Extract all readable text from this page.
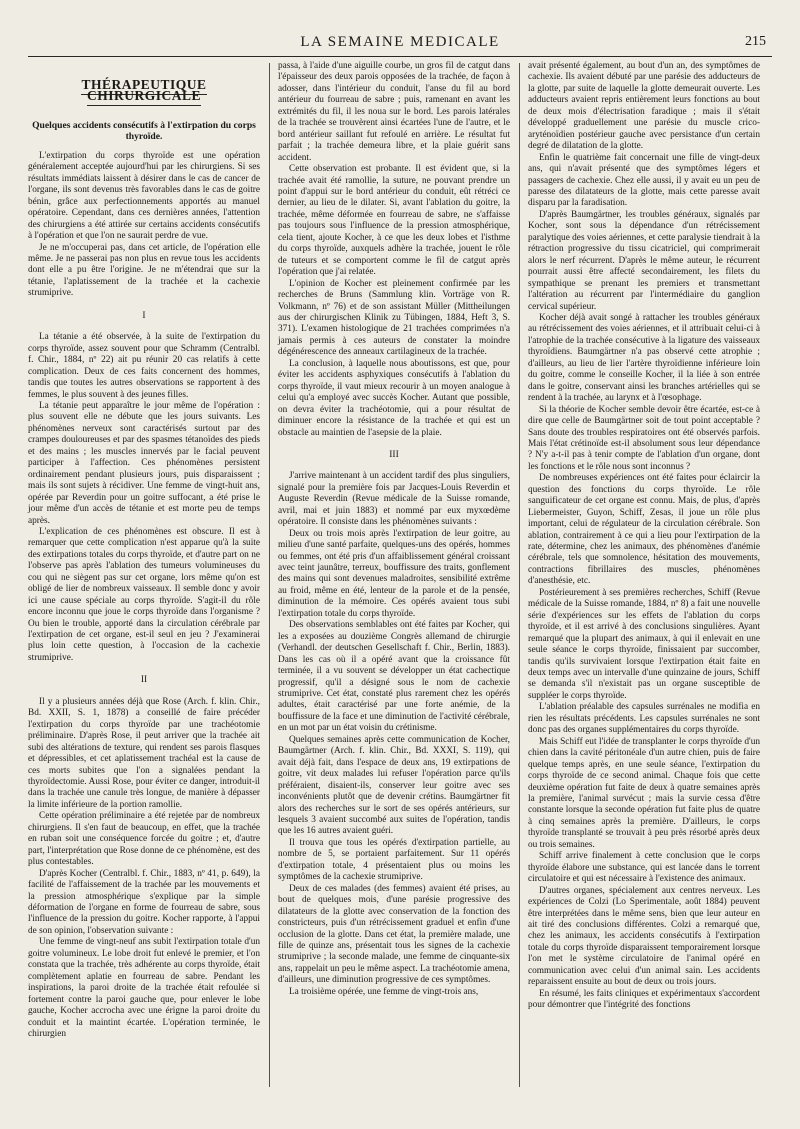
LA SEMAINE MEDICALE	215
THÉRAPEUTIQUE CHIRURGICALE
Quelques accidents consécutifs à l'extirpation du corps thyroïde.

L'extirpation du corps thyroïde est une opération généralement acceptée aujourd'hui par les chirurgiens. Si ses résultats immédiats laissent à désirer dans le cas de cancer de l'organe, ils sont devenus très favorables dans le cas de goitre bénin, grâce aux perfectionnements apportés au manuel opératoire. Cependant, dans ces dernières années, l'attention des chirurgiens a été attirée sur certains accidents consécutifs à l'opération et que l'on ne saurait perdre de vue.

Je ne m'occuperai pas, dans cet article, de l'opération elle même. Je ne passerai pas non plus en revue tous les accidents dont elle a pu être l'origine. Je ne m'étendrai que sur la tétanie, l'aplatissement de la trachée et la cachexie strumiprive.

I

La tétanie a été observée, à la suite de l'extirpation du corps thyroïde, assez souvent pour que Schramm (Centralbl. f. Chir., 1884, nº 22) ait pu réunir 20 cas relatifs à cette complication. Deux de ces faits concernent des hommes, tandis que toutes les autres observations se rapportent à des femmes, le plus souvent à des jeunes filles.

La tétanie peut apparaître le jour même de l'opération : plus souvent elle ne débute que les jours suivants. Les phénomènes nerveux sont caractérisés surtout par des crampes douloureuses et par des spasmes tétanoïdes des pieds et des mains ; les muscles innervés par le facial peuvent participer à l'affection. Ces phénomènes persistent ordinairement pendant plusieurs jours, puis disparaissent ; mais ils sont sujets à récidiver. Une femme de vingt-huit ans, opérée par Reverdin pour un goitre suffocant, a été prise le jour même d'un accès de tétanie et est morte peu de temps après.

L'explication de ces phénomènes est obscure. Il est à remarquer que cette complication n'est apparue qu'à la suite des extirpations totales du corps thyroïde, et d'autre part on ne l'observe pas après l'ablation des tumeurs volumineuses du cou qui ne siègent pas sur cet organe, lors même qu'on est obligé de lier de nombreux vaisseaux. Il semble donc y avoir ici une cause spéciale au corps thyroïde. S'agit-il du rôle encore inconnu que joue le corps thyroïde dans l'organisme ? Ou bien le trouble, apporté dans la circulation cérébrale par l'extirpation de cet organe, est-il seul en jeu ? J'examinerai plus loin cette question, à l'occasion de la cachexie strumiprive.

II

Il y a plusieurs années déjà que Rose (Arch. f. klin. Chir., Bd. XXII, S. 1, 1878) a conseillé de faire précéder l'extirpation du corps thyroïde par une trachéotomie préliminaire. D'après Rose, il peut arriver que la trachée ait subi des altérations de texture, qui rendent ses parois flasques et dépressibles, et cet aplatissement trachéal est la cause de ces morts subites que l'on a signalées pendant la thyroïdectomie. Aussi Rose, pour éviter ce danger, introduit-il dans la trachée une canule très longue, de manière à dépasser la limite inférieure de la portion ramollie.

Cette opération préliminaire a été rejetée par de nombreux chirurgiens. Il s'en faut de beaucoup, en effet, que la trachée en ruban soit une conséquence forcée du goitre ; et, d'autre part, l'interprétation que Rose donne de ce phénomène, est des plus contestables.

D'après Kocher (Centralbl. f. Chir., 1883, nº 41, p. 649), la facilité de l'affaissement de la trachée par les mouvements et la pression atmosphérique s'explique par la simple déformation de l'organe en forme de fourreau de sabre, sous l'influence de la pression du goitre. Kocher rapporte, à l'appui de son opinion, l'observation suivante :

Une femme de vingt-neuf ans subit l'extirpation totale d'un goitre volumineux. Le lobe droit fut enlevé le premier, et l'on constata que la trachée, très adhérente au corps thyroïde, était complètement aplatie en fourreau de sabre. Pendant les inspirations, la paroi droite de la trachée était refoulée si fortement contre la paroi gauche que, pour enlever le lobe gauche, Kocher accrocha avec une érigne la paroi droite du conduit et la maintint écartée. L'opération terminée, le chirurgien

passa, à l'aide d'une aiguille courbe, un gros fil de catgut dans l'épaisseur des deux parois opposées de la trachée, de façon à adosser, dans l'intérieur du conduit, l'anse du fil au bord antérieur du fourreau de sabre ; puis, ramenant en avant les extrémités du fil, il les noua sur le bord. Les parois latérales de la trachée se trouvèrent ainsi écartées l'une de l'autre, et le bord antérieur saillant fut refoulé en arrière. Le résultat fut parfait ; la trachée demeura libre, et la plaie guérit sans accident.

Cette observation est probante. Il est évident que, si la trachée avait été ramollie, la suture, ne pouvant prendre un point d'appui sur le bord antérieur du conduit, eût rétréci ce dernier, au lieu de le dilater. Si, avant l'ablation du goitre, la trachée, même déformée en fourreau de sabre, ne s'affaisse pas toujours sous l'influence de la pression atmosphérique, cela tient, ajoute Kocher, à ce que les deux lobes et l'isthme du corps thyroïde, auxquels adhère la trachée, jouent le rôle de tuteurs et se comportent comme le fil de catgut après l'opération que j'ai relatée.

L'opinion de Kocher est pleinement confirmée par les recherches de Bruns (Sammlung klin. Vorträge von R. Volkmann, nº 76) et de son assistant Müller (Mittheilungen aus der chirurgischen Klinik zu Tübingen, 1884, Heft 3, S. 371). L'examen histologique de 21 trachées comprimées n'a jamais permis à ces auteurs de constater la moindre dégénérescence des anneaux cartilagineux de la trachée.

La conclusion, à laquelle nous aboutissons, est que, pour éviter les accidents asphyxiques consécutifs à l'ablation du corps thyroïde, il vaut mieux recourir à un moyen analogue à celui qu'a employé avec succès Kocher. Autant que possible, on devra éviter la trachéotomie, qui a pour résultat de diminuer encore la résistance de la trachée et qui est un obstacle au maintien de l'asepsie de la plaie.

III

J'arrive maintenant à un accident tardif des plus singuliers, signalé pour la première fois par Jacques-Louis Reverdin et Auguste Reverdin (Revue médicale de la Suisse romande, avril, mai et juin 1883) et nommé par eux myxœdème opératoire. Il consiste dans les phénomènes suivants :

Deux ou trois mois après l'extirpation de leur goitre, au milieu d'une santé parfaite, quelques-uns des opérés, hommes ou femmes, ont été pris d'un affaiblissement général croissant avec teint jaunâtre, terreux, bouffissure des traits, gonflement des mains qui sont devenues maladroites, sensibilité extrême au froid, même en été, lenteur de la parole et de la pensée, diminution de la mémoire. Ces opérés avaient tous subi l'extirpation totale du corps thyroïde.

Des observations semblables ont été faites par Kocher, qui les a exposées au douzième Congrès allemand de chirurgie (Verhandl. der deutschen Gesellschaft f. Chir., Berlin, 1883). Dans les cas où il a opéré avant que la croissance fût terminée, il a vu souvent se développer un état cachectique progressif, qu'il a désigné sous le nom de cachexie strumiprive. Cet état, constaté plus rarement chez les opérés adultes, était caractérisé par une forte anémie, de la bouffissure de la face et une diminution de l'activité cérébrale, en un mot par un état voisin du crétinisme.

Quelques semaines après cette communication de Kocher, Baumgärtner (Arch. f. klin. Chir., Bd. XXXI, S. 119), qui avait déjà fait, dans l'espace de deux ans, 19 extirpations de goitre, vit deux malades lui refuser l'opération parce qu'ils préféraient, disaient-ils, conserver leur goitre avec ses inconvénients plutôt que de devenir crétins. Baumgärtner fit alors des recherches sur le sort de ses opérés antérieurs, sur lesquels 3 avaient succombé aux suites de l'opération, tandis que les 16 autres avaient guéri.

Il trouva que tous les opérés d'extirpation partielle, au nombre de 5, se portaient parfaitement. Sur 11 opérés d'extirpation totale, 4 présentaient plus ou moins les symptômes de la cachexie strumiprive.

Deux de ces malades (des femmes) avaient été prises, au bout de quelques mois, d'une parésie progressive des dilatateurs de la glotte avec conservation de la fonction des constricteurs, puis d'un rétrécissement graduel et enfin d'une occlusion de la glotte. Dans cet état, la première malade, une fille de quinze ans, présentait tous les signes de la cachexie strumiprive ; la seconde malade, une femme de cinquante-six ans, rappelait un peu le même aspect. La trachéotomie amena, d'ailleurs, une diminution progressive de ces symptômes.

La troisième opérée, une femme de vingt-trois ans,

avait présenté également, au bout d'un an, des symptômes de cachexie. Ils avaient débuté par une parésie des adducteurs de la glotte, par suite de laquelle la glotte demeurait ouverte. Les adducteurs avaient repris entièrement leurs fonctions au bout de deux mois d'électrisation faradique ; mais il s'était développé graduellement une parésie du muscle crico-aryténoïdien postérieur gauche avec persistance d'un certain degré de dilatation de la glotte.

Enfin le quatrième fait concernait une fille de vingt-deux ans, qui n'avait présenté que des symptômes légers et passagers de cachexie. Chez elle aussi, il y avait eu un peu de paresse des dilatateurs de la glotte, mais cette paresse avait disparu par la faradisation.

D'après Baumgärtner, les troubles généraux, signalés par Kocher, sont sous la dépendance d'un rétrécissement paralytique des voies aériennes, et cette paralysie tiendrait à la rétraction progressive du tissu cicatriciel, qui comprimerait alors le nerf récurrent. D'après le même auteur, le récurrent pourrait aussi être affecté secondairement, les filets du sympathique se prenant les premiers et transmettant l'altération au récurrent par l'intermédiaire du ganglion cervical supérieur.

Kocher déjà avait songé à rattacher les troubles généraux au rétrécissement des voies aériennes, et il attribuait celui-ci à l'atrophie de la trachée consécutive à la ligature des vaisseaux thyroïdiens. Baumgärtner n'a pas observé cette atrophie ; d'ailleurs, au lieu de lier l'artère thyroïdienne inférieure loin du goitre, comme le conseille Kocher, il la liée à son entrée dans le goitre, conservant ainsi les branches artérielles qui se rendent à la trachée, au larynx et à l'œsophage.

Si la théorie de Kocher semble devoir être écartée, est-ce à dire que celle de Baumgärtner soit de tout point acceptable ? Sans doute des troubles respiratoires ont été observés parfois. Mais l'état crétinoïde est-il absolument sous leur dépendance ? N'y a-t-il pas à tenir compte de l'ablation d'un organe, dont les fonctions et le rôle nous sont inconnus ?

De nombreuses expériences ont été faites pour éclaircir la question des fonctions du corps thyroïde. Le rôle sanguificateur de cet organe est connu. Mais, de plus, d'après Liebermeister, Guyon, Schiff, Zesas, il joue un rôle plus important, celui de régulateur de la circulation cérébrale. Son ablation, contrairement à ce qui a lieu pour l'extirpation de la rate, détermine, chez les animaux, des phénomènes d'anémie cérébrale, tels que somnolence, hésitation des mouvements, contractions fibrillaires des muscles, phénomènes d'anesthésie, etc.

Postérieurement à ses premières recherches, Schiff (Revue médicale de la Suisse romande, 1884, nº 8) a fait une nouvelle série d'expériences sur les effets de l'ablation du corps thyroïde, et il est arrivé à des conclusions singulières. Ayant remarqué que la plupart des animaux, à qui il enlevait en une seule séance le corps thyroïde, finissaient par succomber, tandis qu'ils survivaient lorsque l'extirpation était faite en deux temps avec un intervalle d'une quinzaine de jours, Schiff se demanda s'il n'existait pas un organe susceptible de suppléer le corps thyroïde.

L'ablation préalable des capsules surrénales ne modifia en rien les résultats précédents. Les capsules surrénales ne sont donc pas des organes supplémentaires du corps thyroïde.

Mais Schiff eut l'idée de transplanter le corps thyroïde d'un chien dans la cavité péritonéale d'un autre chien, puis de faire quelque temps après, en une seule séance, l'extirpation du corps thyroïde de ce second animal. Chaque fois que cette deuxième opération fut faite de deux à quatre semaines après la première, l'animal survécut ; mais la survie cessa d'être constante lorsque la seconde opération fut faite plus de quatre à cinq semaines après la première. D'ailleurs, le corps thyroïde transplanté se trouvait à peu près résorbé après deux ou trois semaines.

Schiff arrive finalement à cette conclusion que le corps thyroïde élabore une substance, qui est lancée dans le torrent circulatoire et qui est nécessaire à l'existence des animaux.

D'autres organes, spécialement aux centres nerveux. Les expériences de Colzi (Lo Sperimentale, août 1884) peuvent être interprétées dans le même sens, bien que leur auteur en ait tiré des conclusions différentes. Colzi a remarqué que, chez les animaux, les accidents consécutifs à l'extirpation totale du corps thyroïde disparaissent temporairement lorsque l'on met le système circulatoire de l'animal opéré en communication avec celui d'un animal sain. Les accidents reparaissent ensuite au bout de deux ou trois jours.

En résumé, les faits cliniques et expérimentaux s'accordent pour démontrer que l'intégrité des fonctions
